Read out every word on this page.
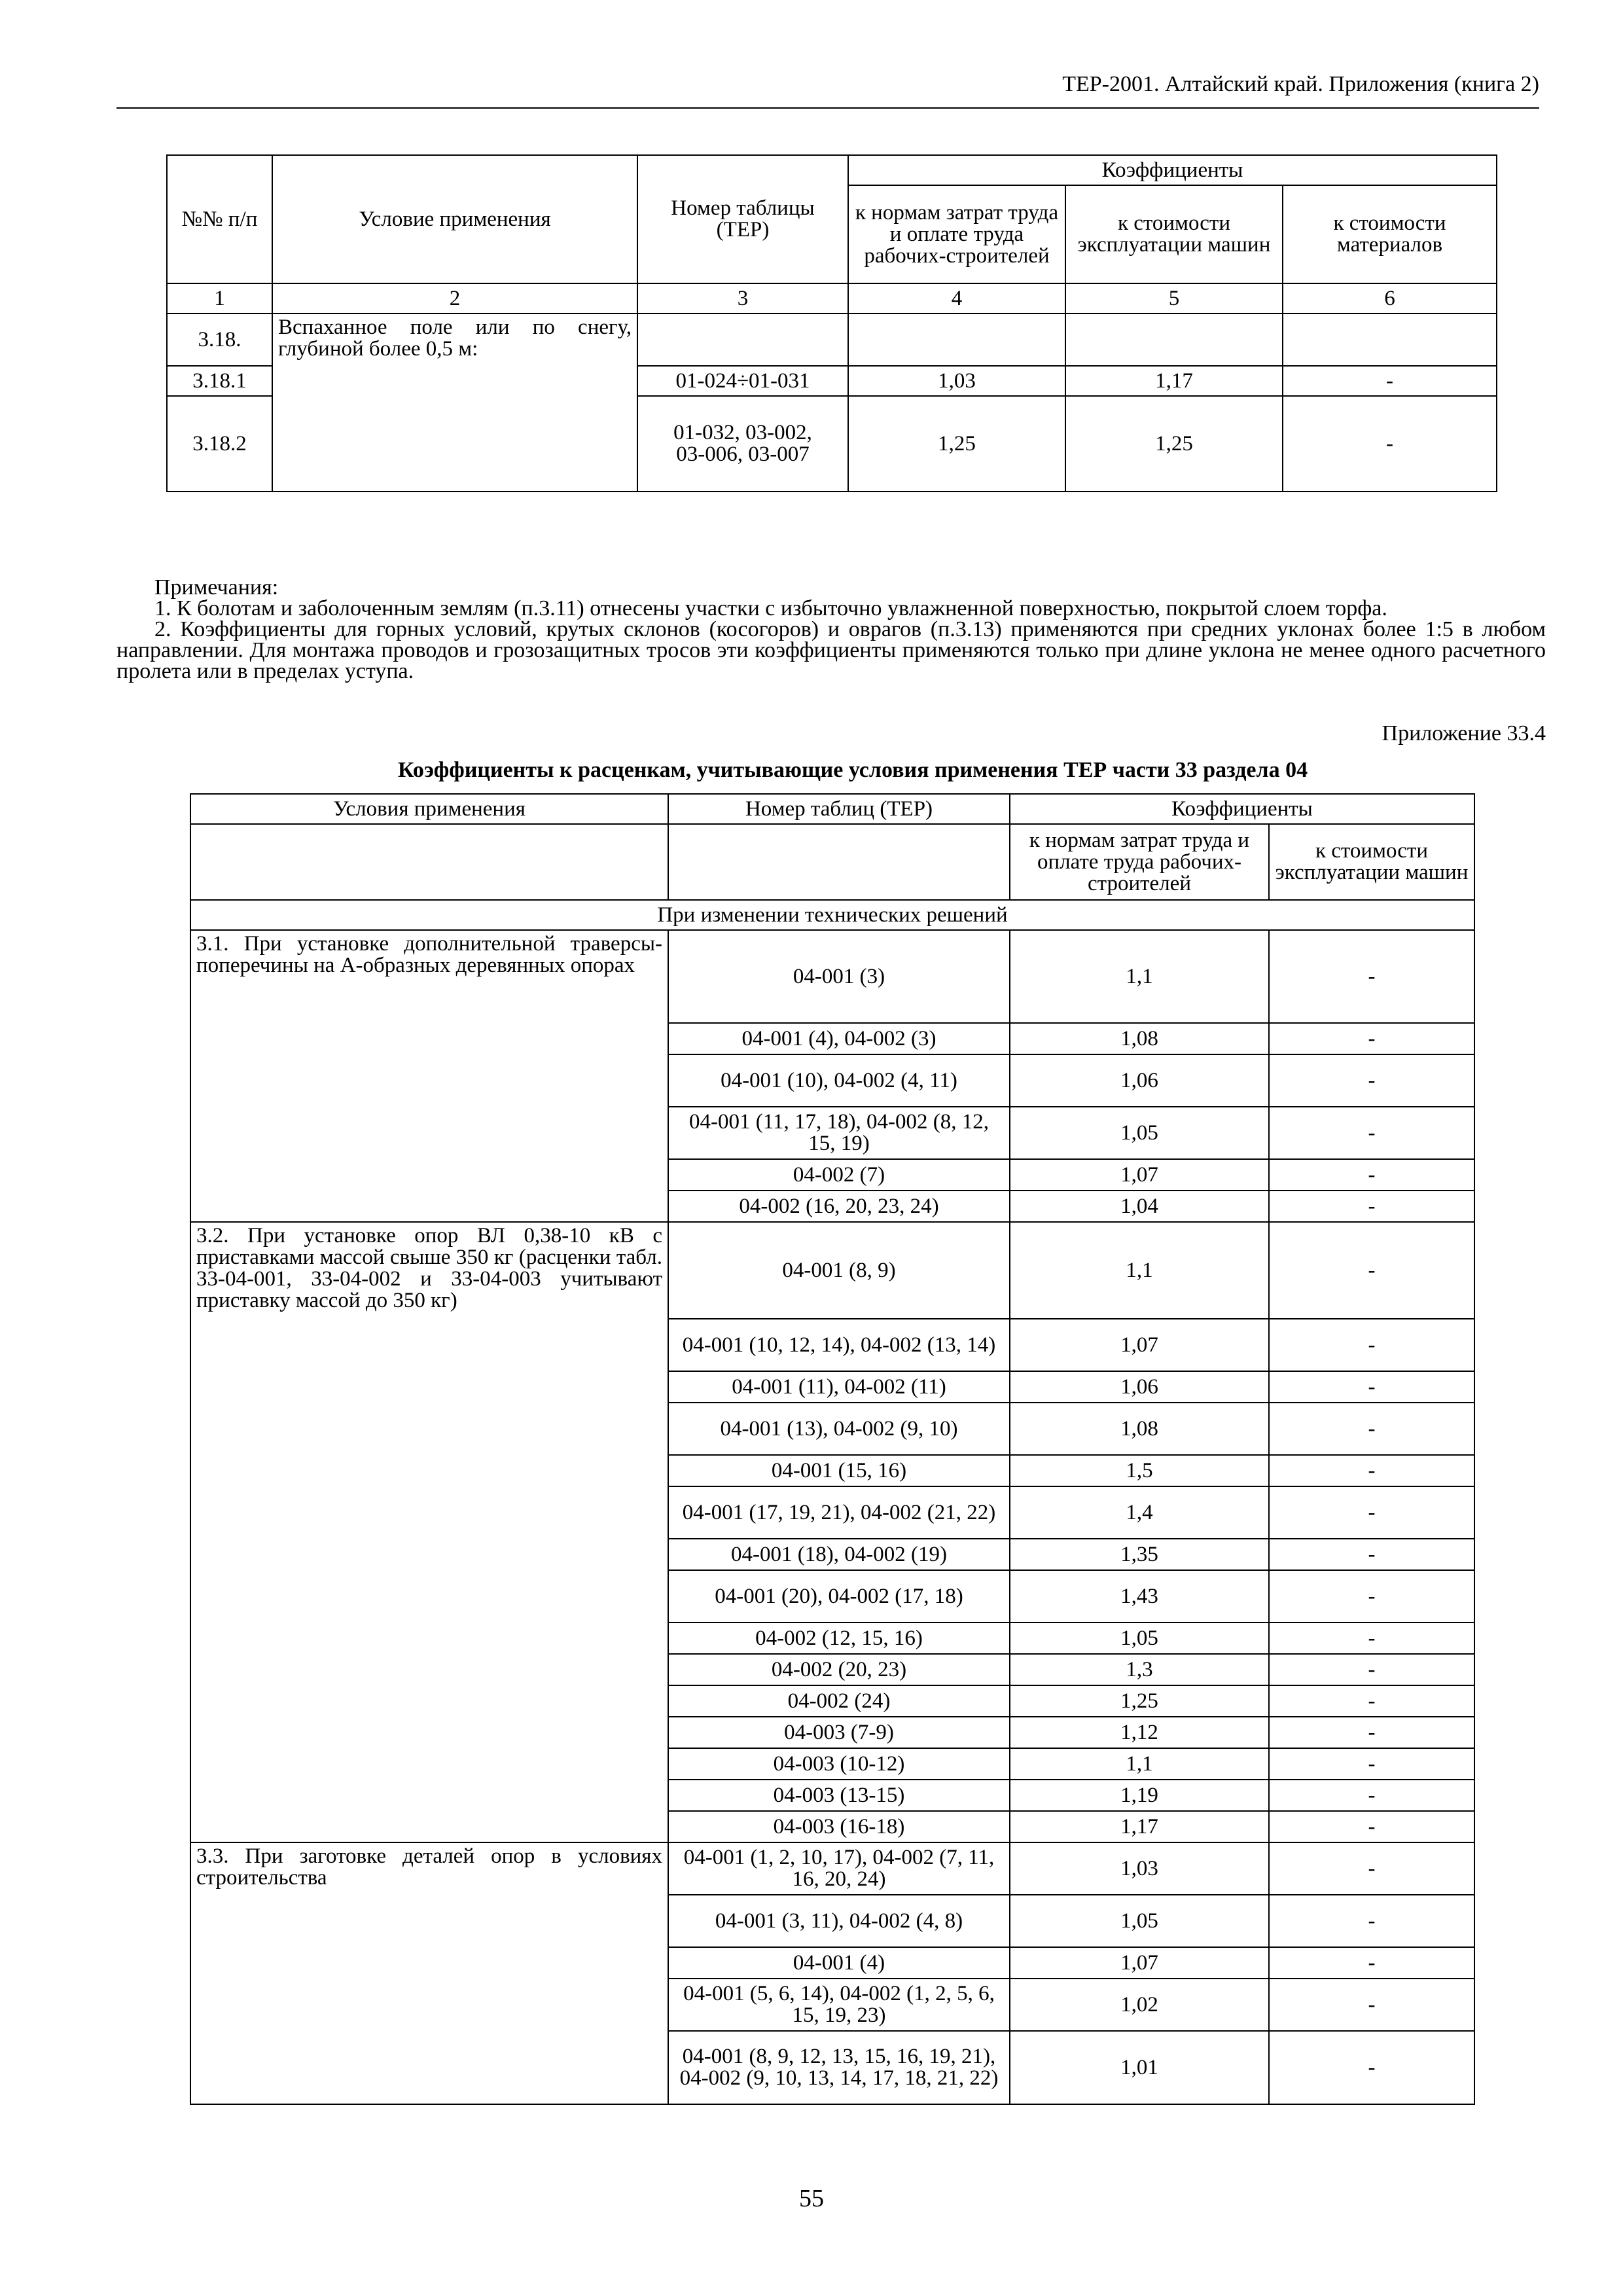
ТЕР-2001. Алтайский край. Приложения (книга 2)
№№ п/п	Условие применения	Номер таблицы (ТЕР)	Коэффициенты		
			к нормам затрат труда и оплате труда рабочих-строителей	к стоимости эксплуатации машин	к стоимости материалов
1	2	3	4	5	6
3.18.	Вспаханное поле или по снегу, глубиной более 0,5 м:				
3.18.1		01-024÷01-031	1,03	1,17	-
3.18.2		01-032, 03-002, 03-006, 03-007	1,25	1,25	-

Примечания:

1. К болотам и заболоченным землям (п.3.11) отнесены участки с избыточно увлажненной поверхностью, покрытой слоем торфа.

2. Коэффициенты для горных условий, крутых склонов (косогоров) и оврагов (п.3.13) применяются при средних уклонах более 1:5 в любом направлении. Для монтажа проводов и грозозащитных тросов эти коэффициенты применяются только при длине уклона не менее одного расчетного пролета или в пределах уступа.

Приложение 33.4
Коэффициенты к расценкам, учитывающие условия применения ТЕР части 33 раздела 04
Условия применения	Номер таблиц (ТЕР)	Коэффициенты	
		к нормам затрат труда и оплате труда рабочих-строителей	к стоимости эксплуатации машин
При изменении технических решений			
3.1. При установке дополнительной траверсы-поперечины на А-образных деревянных опорах	04-001 (3)	1,1	-
	04-001 (4), 04-002 (3)	1,08	-
	04-001 (10), 04-002 (4, 11)	1,06	-
	04-001 (11, 17, 18), 04-002 (8, 12, 15, 19)	1,05	-
	04-002 (7)	1,07	-
	04-002 (16, 20, 23, 24)	1,04	-
3.2. При установке опор ВЛ 0,38-10 кВ с приставками массой свыше 350 кг (расценки табл. 33-04-001, 33-04-002 и 33-04-003 учитывают приставку массой до 350 кг)	04-001 (8, 9)	1,1	-
	04-001 (10, 12, 14), 04-002 (13, 14)	1,07	-
	04-001 (11), 04-002 (11)	1,06	-
	04-001 (13), 04-002 (9, 10)	1,08	-
	04-001 (15, 16)	1,5	-
	04-001 (17, 19, 21), 04-002 (21, 22)	1,4	-
	04-001 (18), 04-002 (19)	1,35	-
	04-001 (20), 04-002 (17, 18)	1,43	-
	04-002 (12, 15, 16)	1,05	-
	04-002 (20, 23)	1,3	-
	04-002 (24)	1,25	-
	04-003 (7-9)	1,12	-
	04-003 (10-12)	1,1	-
	04-003 (13-15)	1,19	-
	04-003 (16-18)	1,17	-
3.3. При заготовке деталей опор в условиях строительства	04-001 (1, 2, 10, 17), 04-002 (7, 11, 16, 20, 24)	1,03	-
	04-001 (3, 11), 04-002 (4, 8)	1,05	-
	04-001 (4)	1,07	-
	04-001 (5, 6, 14), 04-002 (1, 2, 5, 6, 15, 19, 23)	1,02	-
	04-001 (8, 9, 12, 13, 15, 16, 19, 21), 04-002 (9, 10, 13, 14, 17, 18, 21, 22)	1,01	-
55
